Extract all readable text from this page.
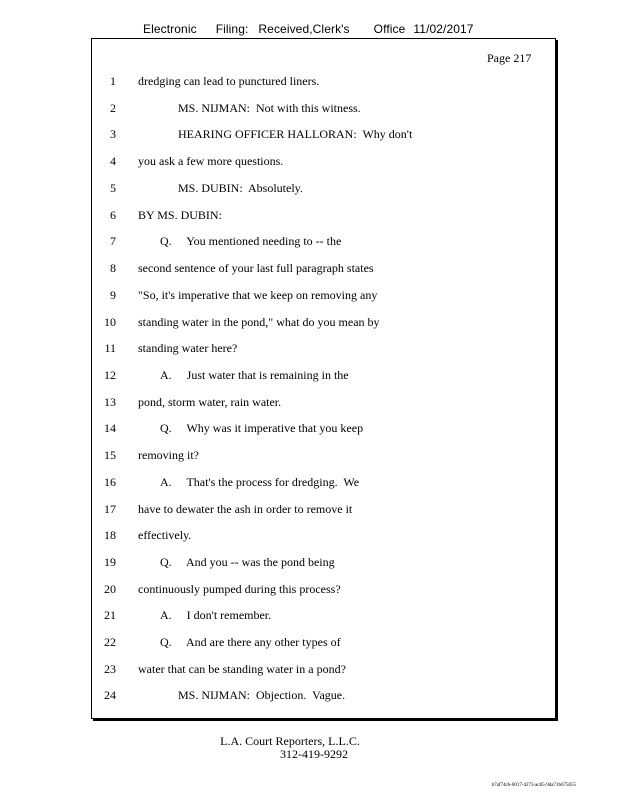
Electronic Filing: Received,Clerk's Office 11/02/2017
Page 217
1 dredging can lead to punctured liners.
2	MS. NIJMAN:  Not with this witness.
3	HEARING OFFICER HALLORAN:  Why don't
4 you ask a few more questions.
5	MS. DUBIN:  Absolutely.
6 BY MS. DUBIN:
7	Q.     You mentioned needing to -- the
8 second sentence of your last full paragraph states
9 "So, it's imperative that we keep on removing any
10 standing water in the pond," what do you mean by
11 standing water here?
12	A.     Just water that is remaining in the
13 pond, storm water, rain water.
14	Q.     Why was it imperative that you keep
15 removing it?
16	A.     That's the process for dredging.  We
17 have to dewater the ash in order to remove it
18 effectively.
19	Q.     And you -- was the pond being
20 continuously pumped during this process?
21	A.     I don't remember.
22	Q.     And are there any other types of
23 water that can be standing water in a pond?
24	MS. NIJMAN:  Objection.  Vague.
L.A. Court Reporters, L.L.C.
312-419-9292
b7af74cb-0017-4273-ac85-9da71b675055
